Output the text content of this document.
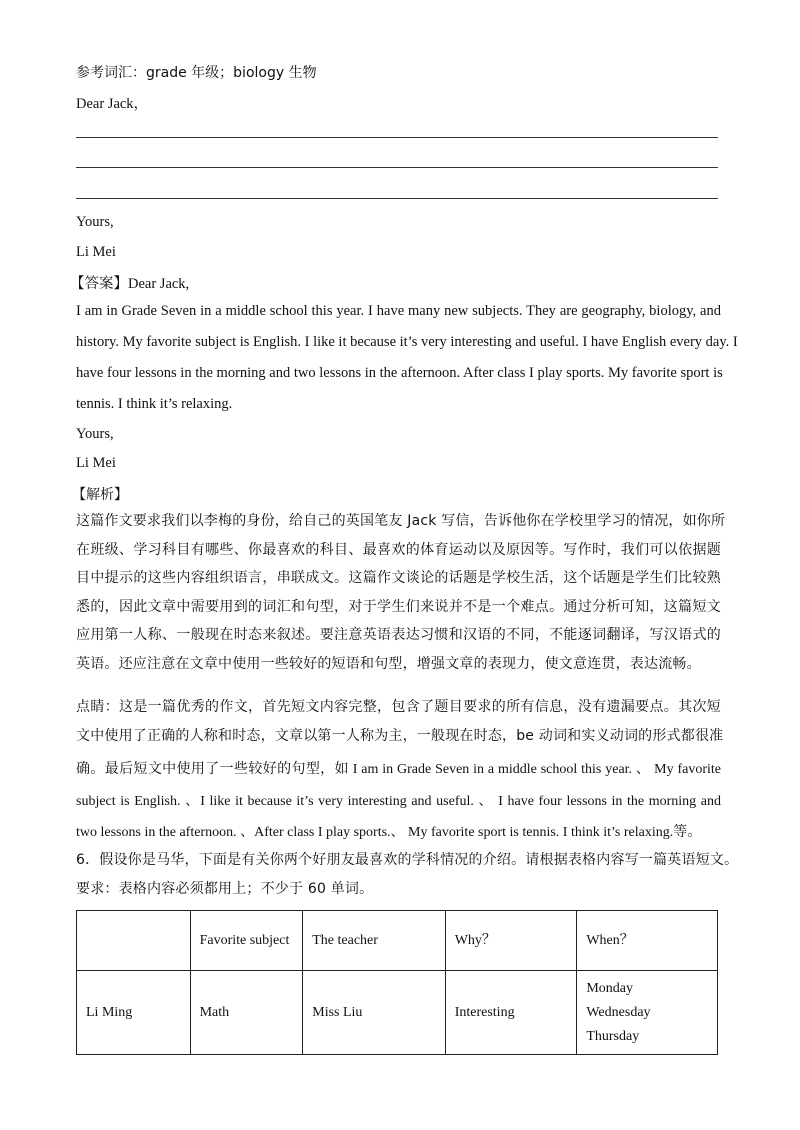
参考词汇：grade 年级；biology 生物
Dear Jack，
Yours,
Li Mei
【答案】Dear Jack,
I am in Grade Seven in a middle school this year. I have many new subjects. They are geography, biology, and
history. My favorite subject is English. I like it because it’s very interesting and useful. I have English every day. I
have four lessons in the morning and two lessons in the afternoon. After class I play sports. My favorite sport is
tennis. I think it’s relaxing.
Yours,
Li Mei
【解析】
这篇作文要求我们以李梅的身份，给自己的英国笔友 Jack 写信，告诉他你在学校里学习的情况，如你所
在班级、学习科目有哪些、你最喜欢的科目、最喜欢的体育运动以及原因等。写作时，我们可以依据题
目中提示的这些内容组织语言，串联成文。这篇作文谈论的话题是学校生活，这个话题是学生们比较熟
悉的，因此文章中需要用到的词汇和句型，对于学生们来说并不是一个难点。通过分析可知，这篇短文
应用第一人称、一般现在时态来叙述。要注意英语表达习惯和汉语的不同，不能逐词翻译，写汉语式的
英语。还应注意在文章中使用一些较好的短语和句型，增强文章的表现力，使文意连贯，表达流畅。
点睛：这是一篇优秀的作文，首先短文内容完整，包含了题目要求的所有信息，没有遗漏要点。其次短
文中使用了正确的人称和时态，文章以第一人称为主，一般现在时态，be 动词和实义动词的形式都很准
确。最后短文中使用了一些较好的句型，如 I am in Grade Seven in a middle school this year. 、 My favorite
subject is English. 、I like it because it’s very interesting and useful. 、 I have four lessons in the morning and
two lessons in the afternoon. 、After class I play sports.、 My favorite sport is tennis. I think it’s relaxing.等。
6．假设你是马华，下面是有关你两个好朋友最喜欢的学科情况的介绍。请根据表格内容写一篇英语短文。
要求：表格内容必须都用上；不少于 60 单词。
	Favorite subject	The teacher	Why？	When？
Li Ming	Math	Miss Liu	Interesting	Monday
Wednesday
Thursday
